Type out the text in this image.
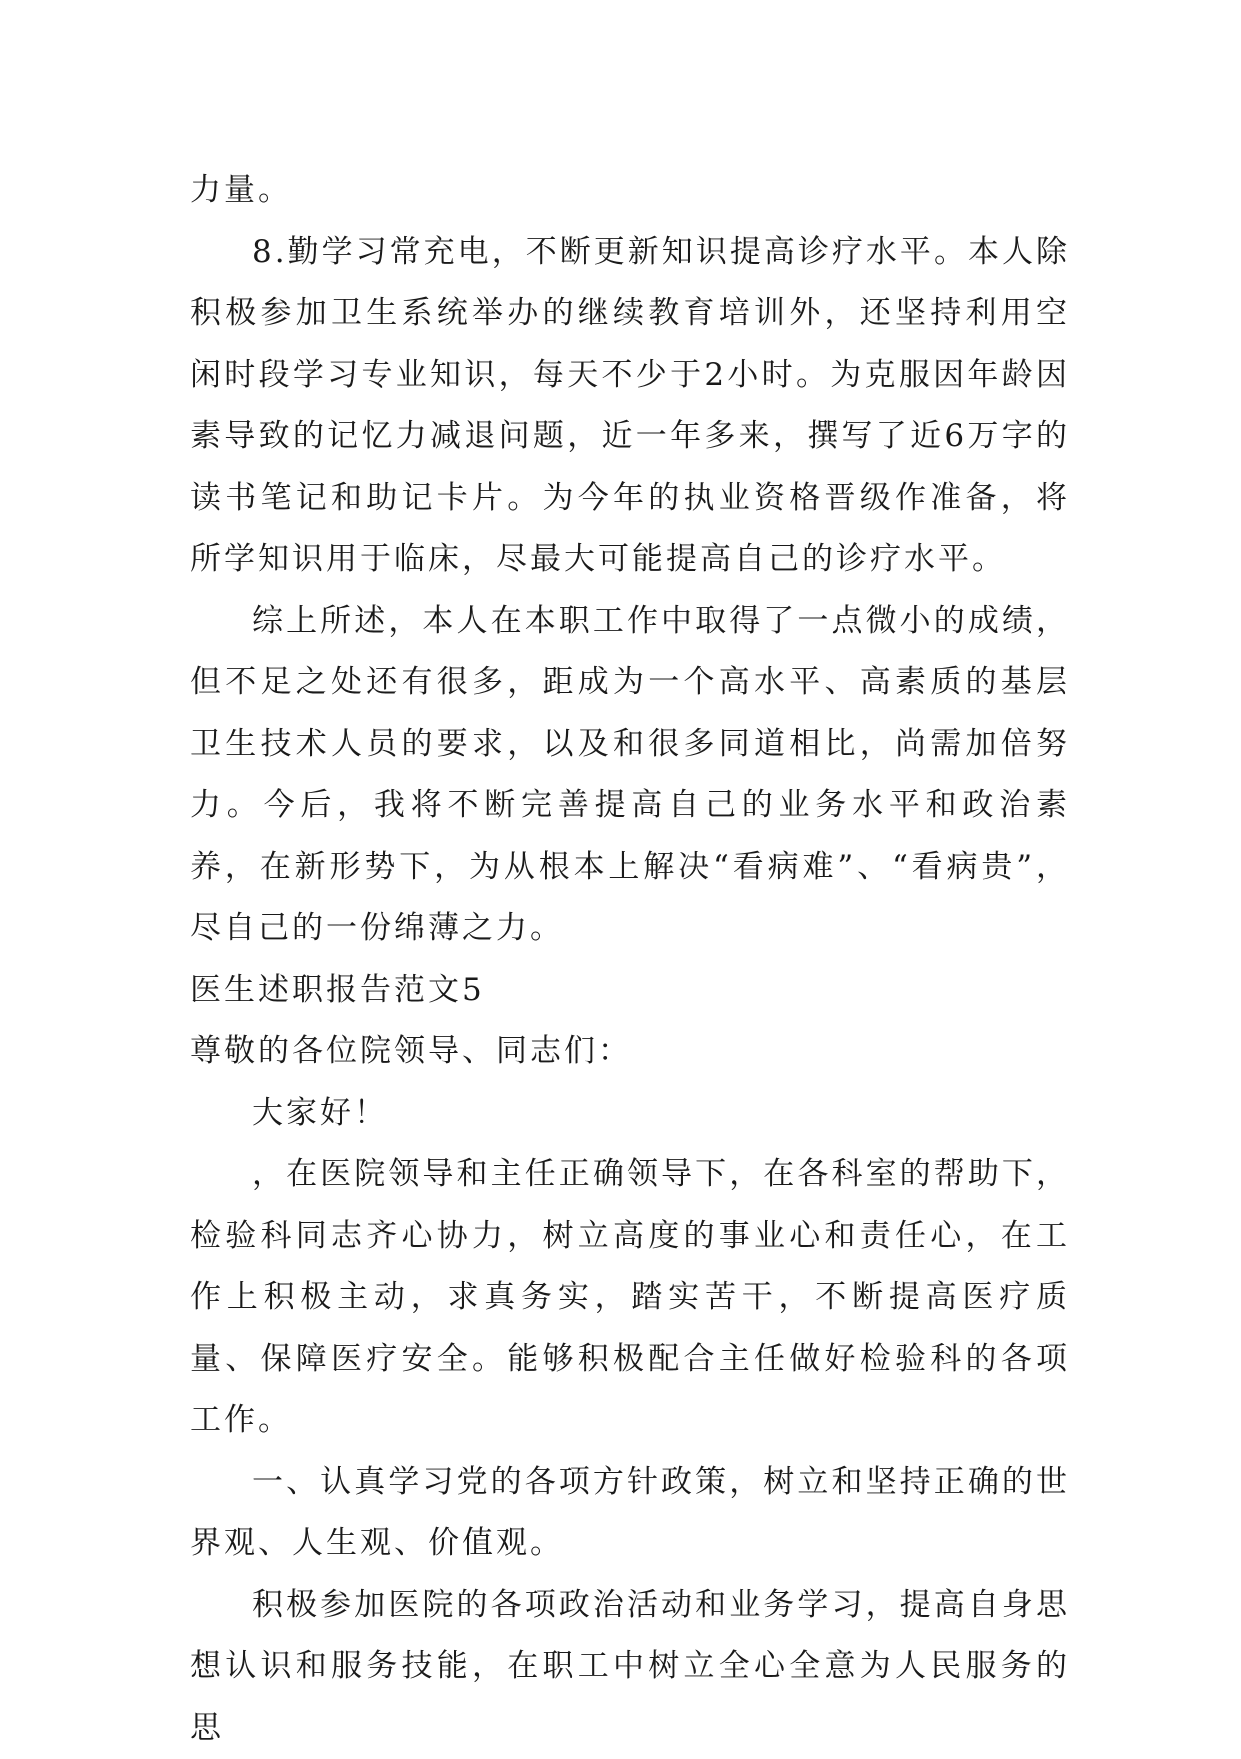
力量。

8.勤学习常充电，不断更新知识提高诊疗水平。本人除积极参加卫生系统举办的继续教育培训外，还坚持利用空闲时段学习专业知识，每天不少于2小时。为克服因年龄因素导致的记忆力减退问题，近一年多来，撰写了近6万字的读书笔记和助记卡片。为今年的执业资格晋级作准备，将所学知识用于临床，尽最大可能提高自己的诊疗水平。

综上所述，本人在本职工作中取得了一点微小的成绩，但不足之处还有很多，距成为一个高水平、高素质的基层卫生技术人员的要求，以及和很多同道相比，尚需加倍努力。今后，我将不断完善提高自己的业务水平和政治素养，在新形势下，为从根本上解决“看病难”、“看病贵”，尽自己的一份绵薄之力。

医生述职报告范文5

尊敬的各位院领导、同志们：

大家好！

，在医院领导和主任正确领导下，在各科室的帮助下，检验科同志齐心协力，树立高度的事业心和责任心，在工作上积极主动，求真务实，踏实苦干，不断提高医疗质量、保障医疗安全。能够积极配合主任做好检验科的各项工作。

一、认真学习党的各项方针政策，树立和坚持正确的世界观、人生观、价值观。

积极参加医院的各项政治活动和业务学习，提高自身思想认识和服务技能，在职工中树立全心全意为人民服务的思
